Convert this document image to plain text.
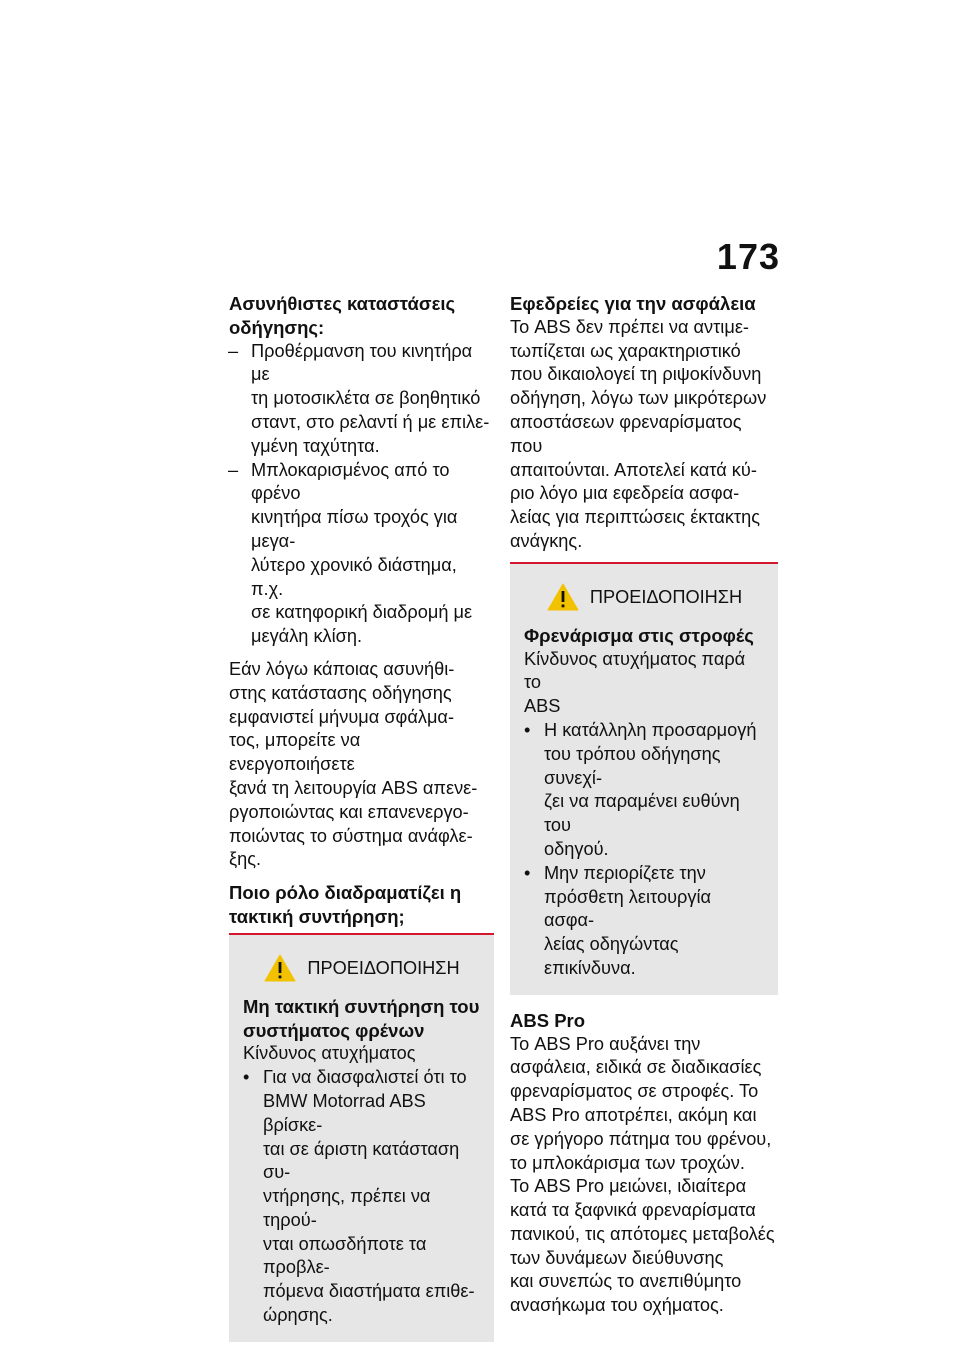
173

Ασυνήθιστες καταστάσεις
οδήγησης:

– Προθέρμανση του κινητήρα με
τη μοτοσικλέτα σε βοηθητικό
σταντ, στο ρελαντί ή με επιλε-
γμένη ταχύτητα.
– Μπλοκαρισμένος από το φρένο
κινητήρα πίσω τροχός για μεγα-
λύτερο χρονικό διάστημα, π.χ.
σε κατηφορική διαδρομή με
μεγάλη κλίση.

Εάν λόγω κάποιας ασυνήθι-
στης κατάστασης οδήγησης
εμφανιστεί μήνυμα σφάλμα-
τος, μπορείτε να ενεργοποιήσετε
ξανά τη λειτουργία ABS απενε-
ργοποιώντας και επανενεργο-
ποιώντας το σύστημα ανάφλε-
ξης.

Ποιο ρόλο διαδραματίζει η
τακτική συντήρηση;

ΠΡΟΕΙΔΟΠΟΙΗΣΗ

Μη τακτική συντήρηση του
συστήματος φρένων

Κίνδυνος ατυχήματος

• Για να διασφαλιστεί ότι το
BMW Motorrad ABS βρίσκε-
ται σε άριστη κατάσταση συ-
ντήρησης, πρέπει να τηρού-
νται οπωσδήποτε τα προβλε-
πόμενα διαστήματα επιθε-
ώρησης.

Εφεδρείες για την ασφάλεια

Το ABS δεν πρέπει να αντιμε-
τωπίζεται ως χαρακτηριστικό
που δικαιολογεί τη ριψοκίνδυνη
οδήγηση, λόγω των μικρότερων
αποστάσεων φρεναρίσματος που
απαιτούνται. Αποτελεί κατά κύ-
ριο λόγο μια εφεδρεία ασφα-
λείας για περιπτώσεις έκτακτης
ανάγκης.

ΠΡΟΕΙΔΟΠΟΙΗΣΗ

Φρενάρισμα στις στροφές

Κίνδυνος ατυχήματος παρά το
ABS

• Η κατάλληλη προσαρμογή
του τρόπου οδήγησης συνεχί-
ζει να παραμένει ευθύνη του
οδηγού.
• Μην περιορίζετε την
πρόσθετη λειτουργία ασφα-
λείας οδηγώντας επικίνδυνα.

ABS Pro

Το ABS Pro αυξάνει την
ασφάλεια, ειδικά σε διαδικασίες
φρεναρίσματος σε στροφές. Το
ABS Pro αποτρέπει, ακόμη και
σε γρήγορο πάτημα του φρένου,
το μπλοκάρισμα των τροχών.

Το ABS Pro μειώνει, ιδιαίτερα
κατά τα ξαφνικά φρεναρίσματα
πανικού, τις απότομες μεταβολές
των δυνάμεων διεύθυνσης
και συνεπώς το ανεπιθύμητο
ανασήκωμα του οχήματος.
